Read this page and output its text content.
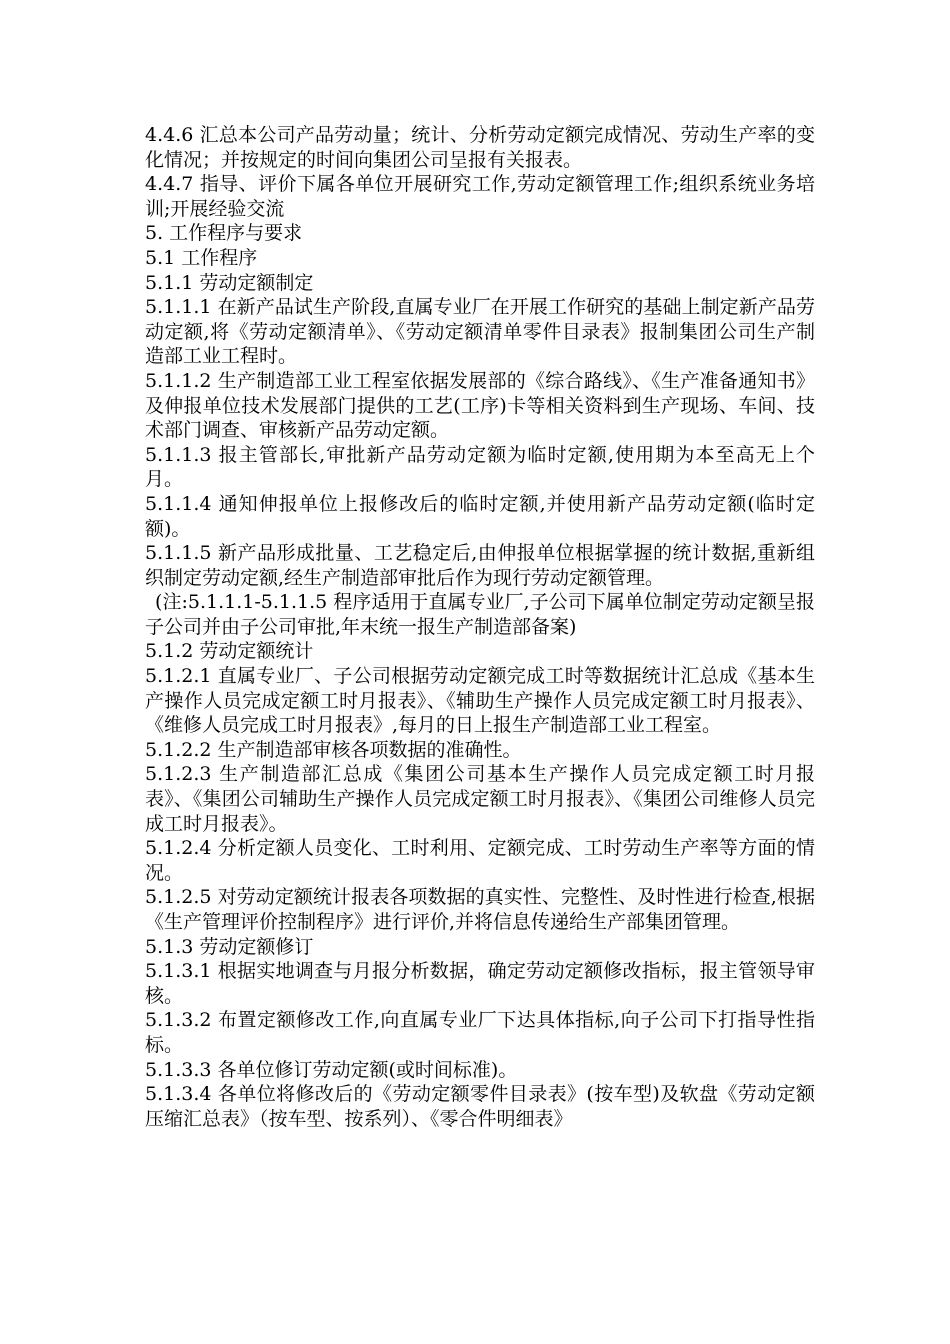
4.4.6 汇总本公司产品劳动量；统计、分析劳动定额完成情况、劳动生产率的变化情况；并按规定的时间向集团公司呈报有关报表。

4.4.7 指导、评价下属各单位开展研究工作,劳动定额管理工作;组织系统业务培训;开展经验交流

5. 工作程序与要求

5.1 工作程序

5.1.1 劳动定额制定

5.1.1.1 在新产品试生产阶段,直属专业厂在开展工作研究的基础上制定新产品劳动定额,将《劳动定额清单》、《劳动定额清单零件目录表》报制集团公司生产制造部工业工程时。

5.1.1.2 生产制造部工业工程室依据发展部的《综合路线》、《生产准备通知书》及伸报单位技术发展部门提供的工艺(工序)卡等相关资料到生产现场、车间、技术部门调查、审核新产品劳动定额。

5.1.1.3 报主管部长,审批新产品劳动定额为临时定额,使用期为本至高无上个月。

5.1.1.4 通知伸报单位上报修改后的临时定额,并使用新产品劳动定额(临时定额)。

5.1.1.5 新产品形成批量、工艺稳定后,由伸报单位根据掌握的统计数据,重新组织制定劳动定额,经生产制造部审批后作为现行劳动定额管理。

(注:5.1.1.1-5.1.1.5 程序适用于直属专业厂,子公司下属单位制定劳动定额呈报子公司并由子公司审批,年末统一报生产制造部备案)

5.1.2 劳动定额统计

5.1.2.1 直属专业厂、子公司根据劳动定额完成工时等数据统计汇总成《基本生产操作人员完成定额工时月报表》、《辅助生产操作人员完成定额工时月报表》、《维修人员完成工时月报表》,每月的日上报生产制造部工业工程室。

5.1.2.2 生产制造部审核各项数据的准确性。

5.1.2.3 生产制造部汇总成《集团公司基本生产操作人员完成定额工时月报表》、《集团公司辅助生产操作人员完成定额工时月报表》、《集团公司维修人员完成工时月报表》。

5.1.2.4 分析定额人员变化、工时利用、定额完成、工时劳动生产率等方面的情况。

5.1.2.5 对劳动定额统计报表各项数据的真实性、完整性、及时性进行检查,根据《生产管理评价控制程序》进行评价,并将信息传递给生产部集团管理。

5.1.3 劳动定额修订

5.1.3.1 根据实地调查与月报分析数据，确定劳动定额修改指标，报主管领导审核。

5.1.3.2 布置定额修改工作,向直属专业厂下达具体指标,向子公司下打指导性指标。

5.1.3.3 各单位修订劳动定额(或时间标准)。

5.1.3.4 各单位将修改后的《劳动定额零件目录表》(按车型)及软盘《劳动定额压缩汇总表》（按车型、按系列）、《零合件明细表》
